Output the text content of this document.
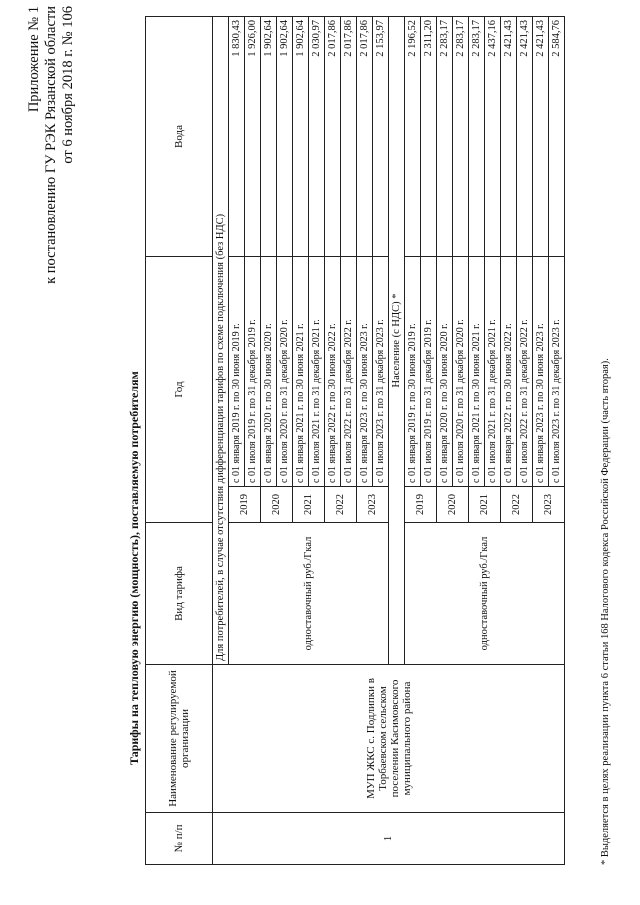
Приложение № 1 к постановлению ГУ РЭК Рязанской области от 6 ноября 2018 г. № 106
Тарифы на тепловую энергию (мощность), поставляемую потребителям
№ п/п	Наименование регулируемой организации	Вид тарифа	Год		Вода
1	МУП ЖКС с. Подлипки в Торбаевском сельском поселении Касимовского муниципального района	Для потребителей, в случае отсутствия дифференциации тарифов по схеме подключения (без НДС)			
		одноставочный руб./Гкал	2019	с 01 января 2019 г. по 30 июня 2019 г.	1 830,43
				с 01 июля 2019 г. по 31 декабря 2019 г.	1 926,00
			2020	с 01 января 2020 г. по 30 июня 2020 г.	1 902,64
				с 01 июля 2020 г. по 31 декабря 2020 г.	1 902,64
			2021	с 01 января 2021 г. по 30 июня 2021 г.	1 902,64
				с 01 июля 2021 г. по 31 декабря 2021 г.	2 030,97
			2022	с 01 января 2022 г. по 30 июня 2022 г.	2 017,86
				с 01 июля 2022 г. по 31 декабря 2022 г.	2 017,86
			2023	с 01 января 2023 г. по 30 июня 2023 г.	2 017,86
				с 01 июля 2023 г. по 31 декабря 2023 г.	2 153,97
		Население (с НДС) *			
		одноставочный руб./Гкал	2019	с 01 января 2019 г. по 30 июня 2019 г.	2 196,52
				с 01 июля 2019 г. по 31 декабря 2019 г.	2 311,20
			2020	с 01 января 2020 г. по 30 июня 2020 г.	2 283,17
				с 01 июля 2020 г. по 31 декабря 2020 г.	2 283,17
			2021	с 01 января 2021 г. по 30 июня 2021 г.	2 283,17
				с 01 июля 2021 г. по 31 декабря 2021 г.	2 437,16
			2022	с 01 января 2022 г. по 30 июня 2022 г.	2 421,43
				с 01 июля 2022 г. по 31 декабря 2022 г.	2 421,43
			2023	с 01 января 2023 г. по 30 июня 2023 г.	2 421,43
				с 01 июля 2023 г. по 31 декабря 2023 г.	2 584,76
* Выделяется в целях реализации пункта 6 статьи 168 Налогового кодекса Российской Федерации (часть вторая).
